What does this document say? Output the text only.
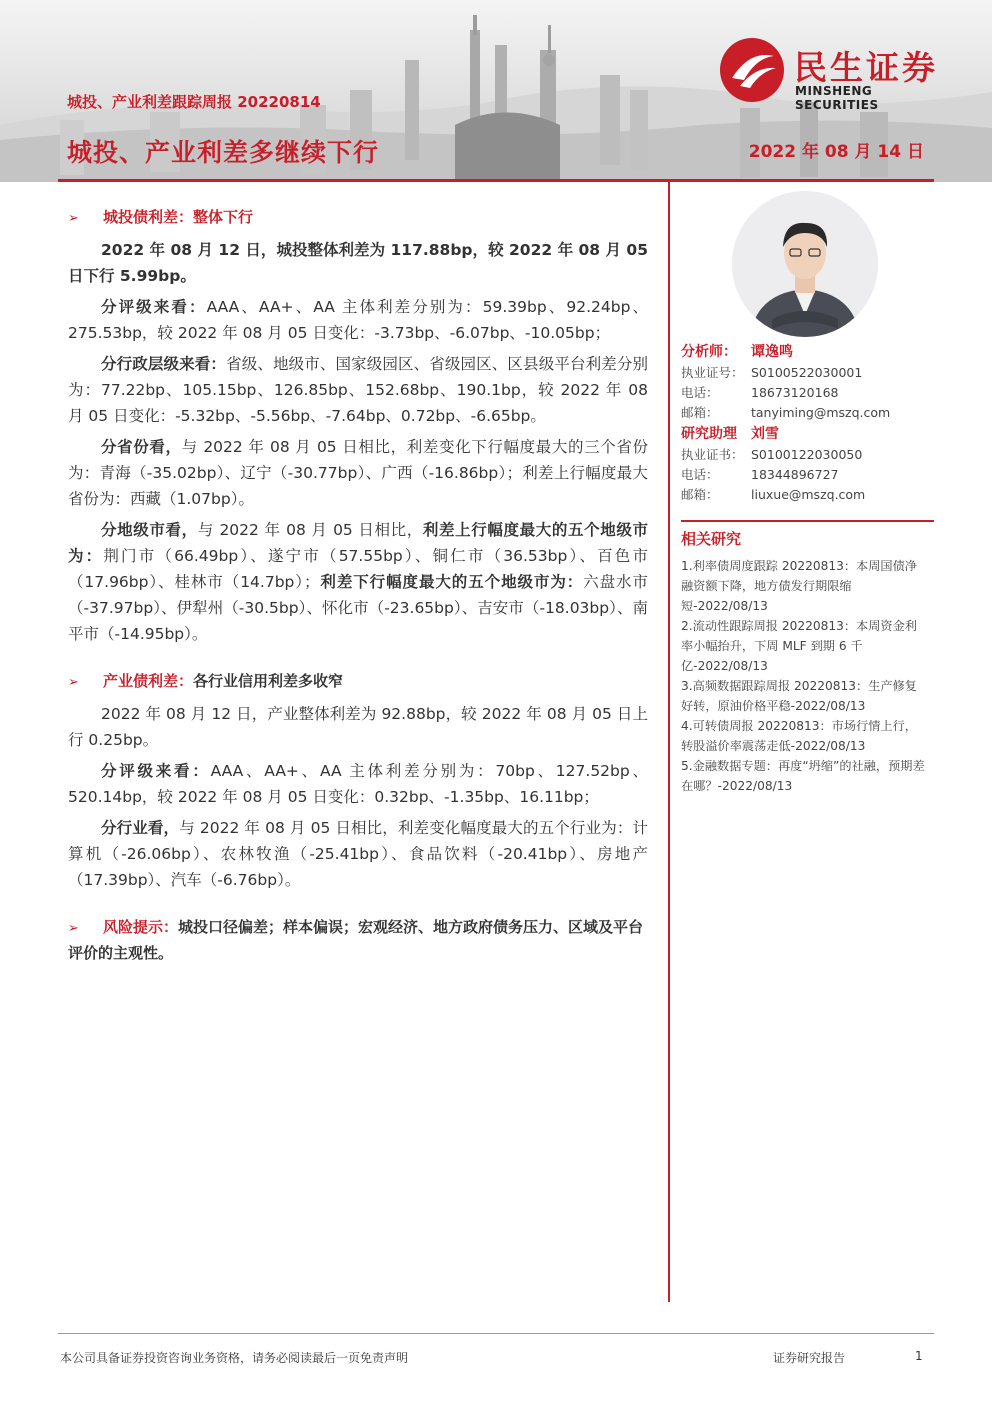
民生证券
MINSHENG SECURITIES
城投、产业利差跟踪周报 20220814
城投、产业利差多继续下行	2022 年 08 月 14 日
➢	城投债利差： 整体下行

2022 年 08 月 12 日，城投整体利差为 117.88bp，较 2022 年 08 月 05 日下行 5.99bp。

分评级来看：AAA、AA+、AA 主体利差分别为：59.39bp、92.24bp、275.53bp，较 2022 年 08 月 05 日变化：-3.73bp、-6.07bp、-10.05bp；

分行政层级来看：省级、地级市、国家级园区、省级园区、区县级平台利差分别为：77.22bp、105.15bp、126.85bp、152.68bp、190.1bp，较 2022 年 08 月 05 日变化：-5.32bp、-5.56bp、-7.64bp、0.72bp、-6.65bp。

分省份看，与 2022 年 08 月 05 日相比，利差变化下行幅度最大的三个省份为：青海（-35.02bp）、辽宁（-30.77bp）、广西（-16.86bp）；利差上行幅度最大省份为：西藏（1.07bp）。

分地级市看，与 2022 年 08 月 05 日相比，利差上行幅度最大的五个地级市为：荆门市（66.49bp）、遂宁市（57.55bp）、铜仁市（36.53bp）、百色市（17.96bp）、桂林市（14.7bp）；利差下行幅度最大的五个地级市为：六盘水市（-37.97bp）、伊犁州（-30.5bp）、怀化市（-23.65bp）、吉安市（-18.03bp）、南平市（-14.95bp）。

➢	产业债利差： 各行业信用利差多收窄

2022 年 08 月 12 日，产业整体利差为 92.88bp，较 2022 年 08 月 05 日上行 0.25bp。

分评级来看：AAA、AA+、AA 主体利差分别为：70bp、127.52bp、520.14bp，较 2022 年 08 月 05 日变化：0.32bp、-1.35bp、16.11bp；

分行业看，与 2022 年 08 月 05 日相比，利差变化幅度最大的五个行业为：计算机（-26.06bp）、农林牧渔（-25.41bp）、食品饮料（-20.41bp）、房地产（17.39bp）、汽车（-6.76bp）。

➢ 风险提示：城投口径偏差；样本偏误；宏观经济、地方政府债务压力、区域及平台评价的主观性。
分析师：	谭逸鸣
执业证号： S0100522030001
电话：	18673120168
邮箱：	tanyiming@mszq.com
研究助理	刘雪
执业证书： S0100122030050
电话：	18344896727
邮箱：	liuxue@mszq.com
相关研究
1.利率债周度跟踪 20220813：本周国债净融资额下降，地方债发行期限缩短-2022/08/13
2.流动性跟踪周报 20220813：本周资金利率小幅抬升，下周 MLF 到期 6 千亿-2022/08/13
3.高频数据跟踪周报 20220813：生产修复好转，原油价格平稳-2022/08/13
4.可转债周报 20220813：市场行情上行，转股溢价率震荡走低-2022/08/13
5.金融数据专题：再度“坍缩”的社融，预期差在哪？-2022/08/13
本公司具备证券投资咨询业务资格，请务必阅读最后一页免责声明	证券研究报告	1
